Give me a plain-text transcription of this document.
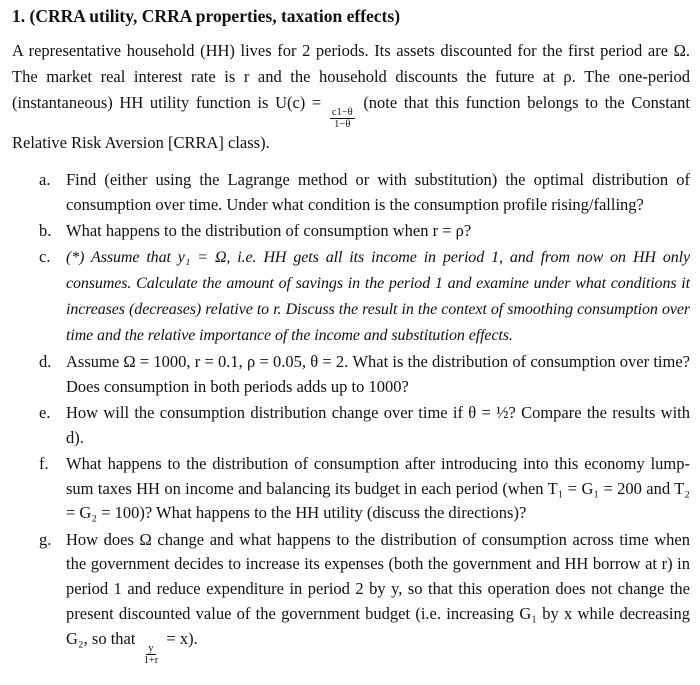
1. (CRRA utility, CRRA properties, taxation effects)

A representative household (HH) lives for 2 periods. Its assets discounted for the first period are Ω. The market real interest rate is r and the household discounts the future at ρ. The one-period (instantaneous) HH utility function is U(c) =
$\frac{c1-\theta}{1-\theta}$
(note that this function belongs to the Constant Relative Risk Aversion [CRRA] class).

a. Find (either using the Lagrange method or with substitution) the optimal distribution of consumption over time. Under what condition is the consumption profile rising/falling?
b. What happens to the distribution of consumption when r = ρ?
c. (*) Assume that y₁ = Ω, i.e. HH gets all its income in period 1, and from now on HH only consumes. Calculate the amount of savings in the period 1 and examine under what conditions it increases (decreases) relative to r. Discuss the result in the context of smoothing consumption over time and the relative importance of the income and substitution effects.
d. Assume Ω = 1000, r = 0.1, ρ = 0.05, θ = 2. What is the distribution of consumption over time? Does consumption in both periods adds up to 1000?
e. How will the consumption distribution change over time if θ = ½? Compare the results with d).
f. What happens to the distribution of consumption after introducing into this economy lump-sum taxes HH on income and balancing its budget in each period (when T₁ = G₁ = 200 and T₂ = G₂ = 100)? What happens to the HH utility (discuss the directions)?
g. How does Ω change and what happens to the distribution of consumption across time when the government decides to increase its expenses (both the government and HH borrow at r) in period 1 and reduce expenditure in period 2 by y, so that this operation does not change the present discounted value of the government budget (i.e. increasing G₁ by x while decreasing G₂, so that
$\frac{y}{1+r}$
= x).
